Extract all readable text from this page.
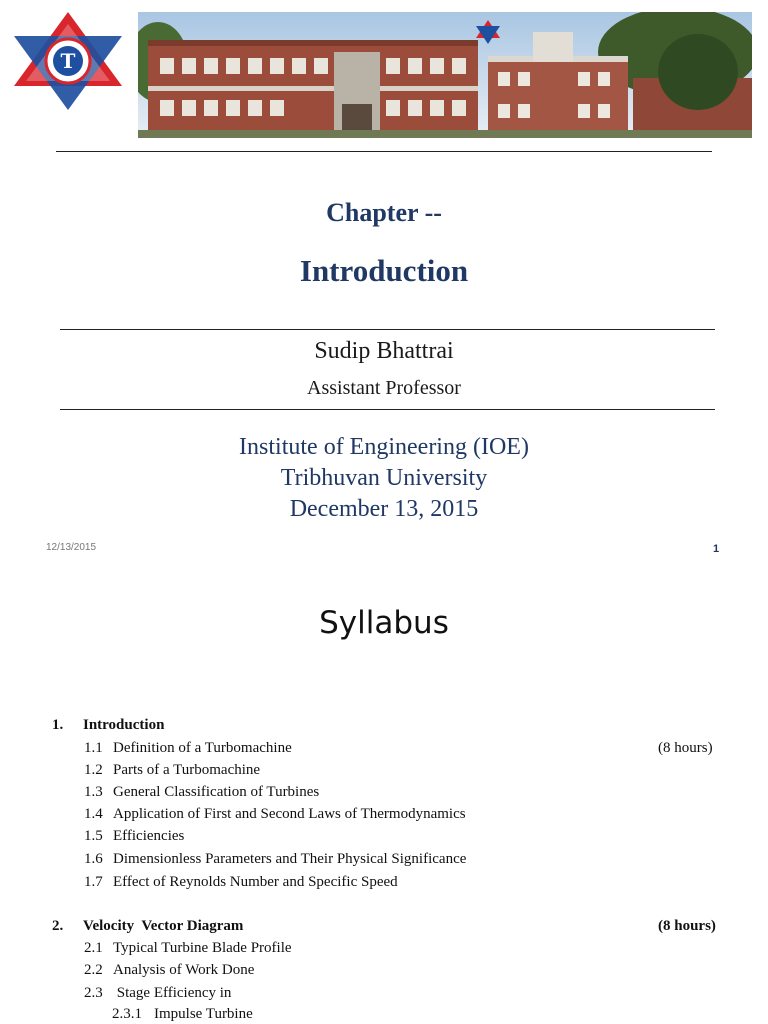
T
Chapter --
Introduction
Sudip Bhattrai
Assistant Professor
Institute of Engineering (IOE)
Tribhuvan University
December 13, 2015
12/13/2015	1
Syllabus
1. Introduction
(8 hours)
1.1 Definition of a Turbomachine
1.2 Parts of a Turbomachine
1.3 General Classification of Turbines
1.4 Application of First and Second Laws of Thermodynamics
1.5 Efficiencies
1.6 Dimensionless Parameters and Their Physical Significance
1.7 Effect of Reynolds Number and Specific Speed
2. Velocity  Vector Diagram	(8 hours)
2.1 Typical Turbine Blade Profile
2.2 Analysis of Work Done
2.3 Stage Efficiency in
2.3.1 Impulse Turbine
